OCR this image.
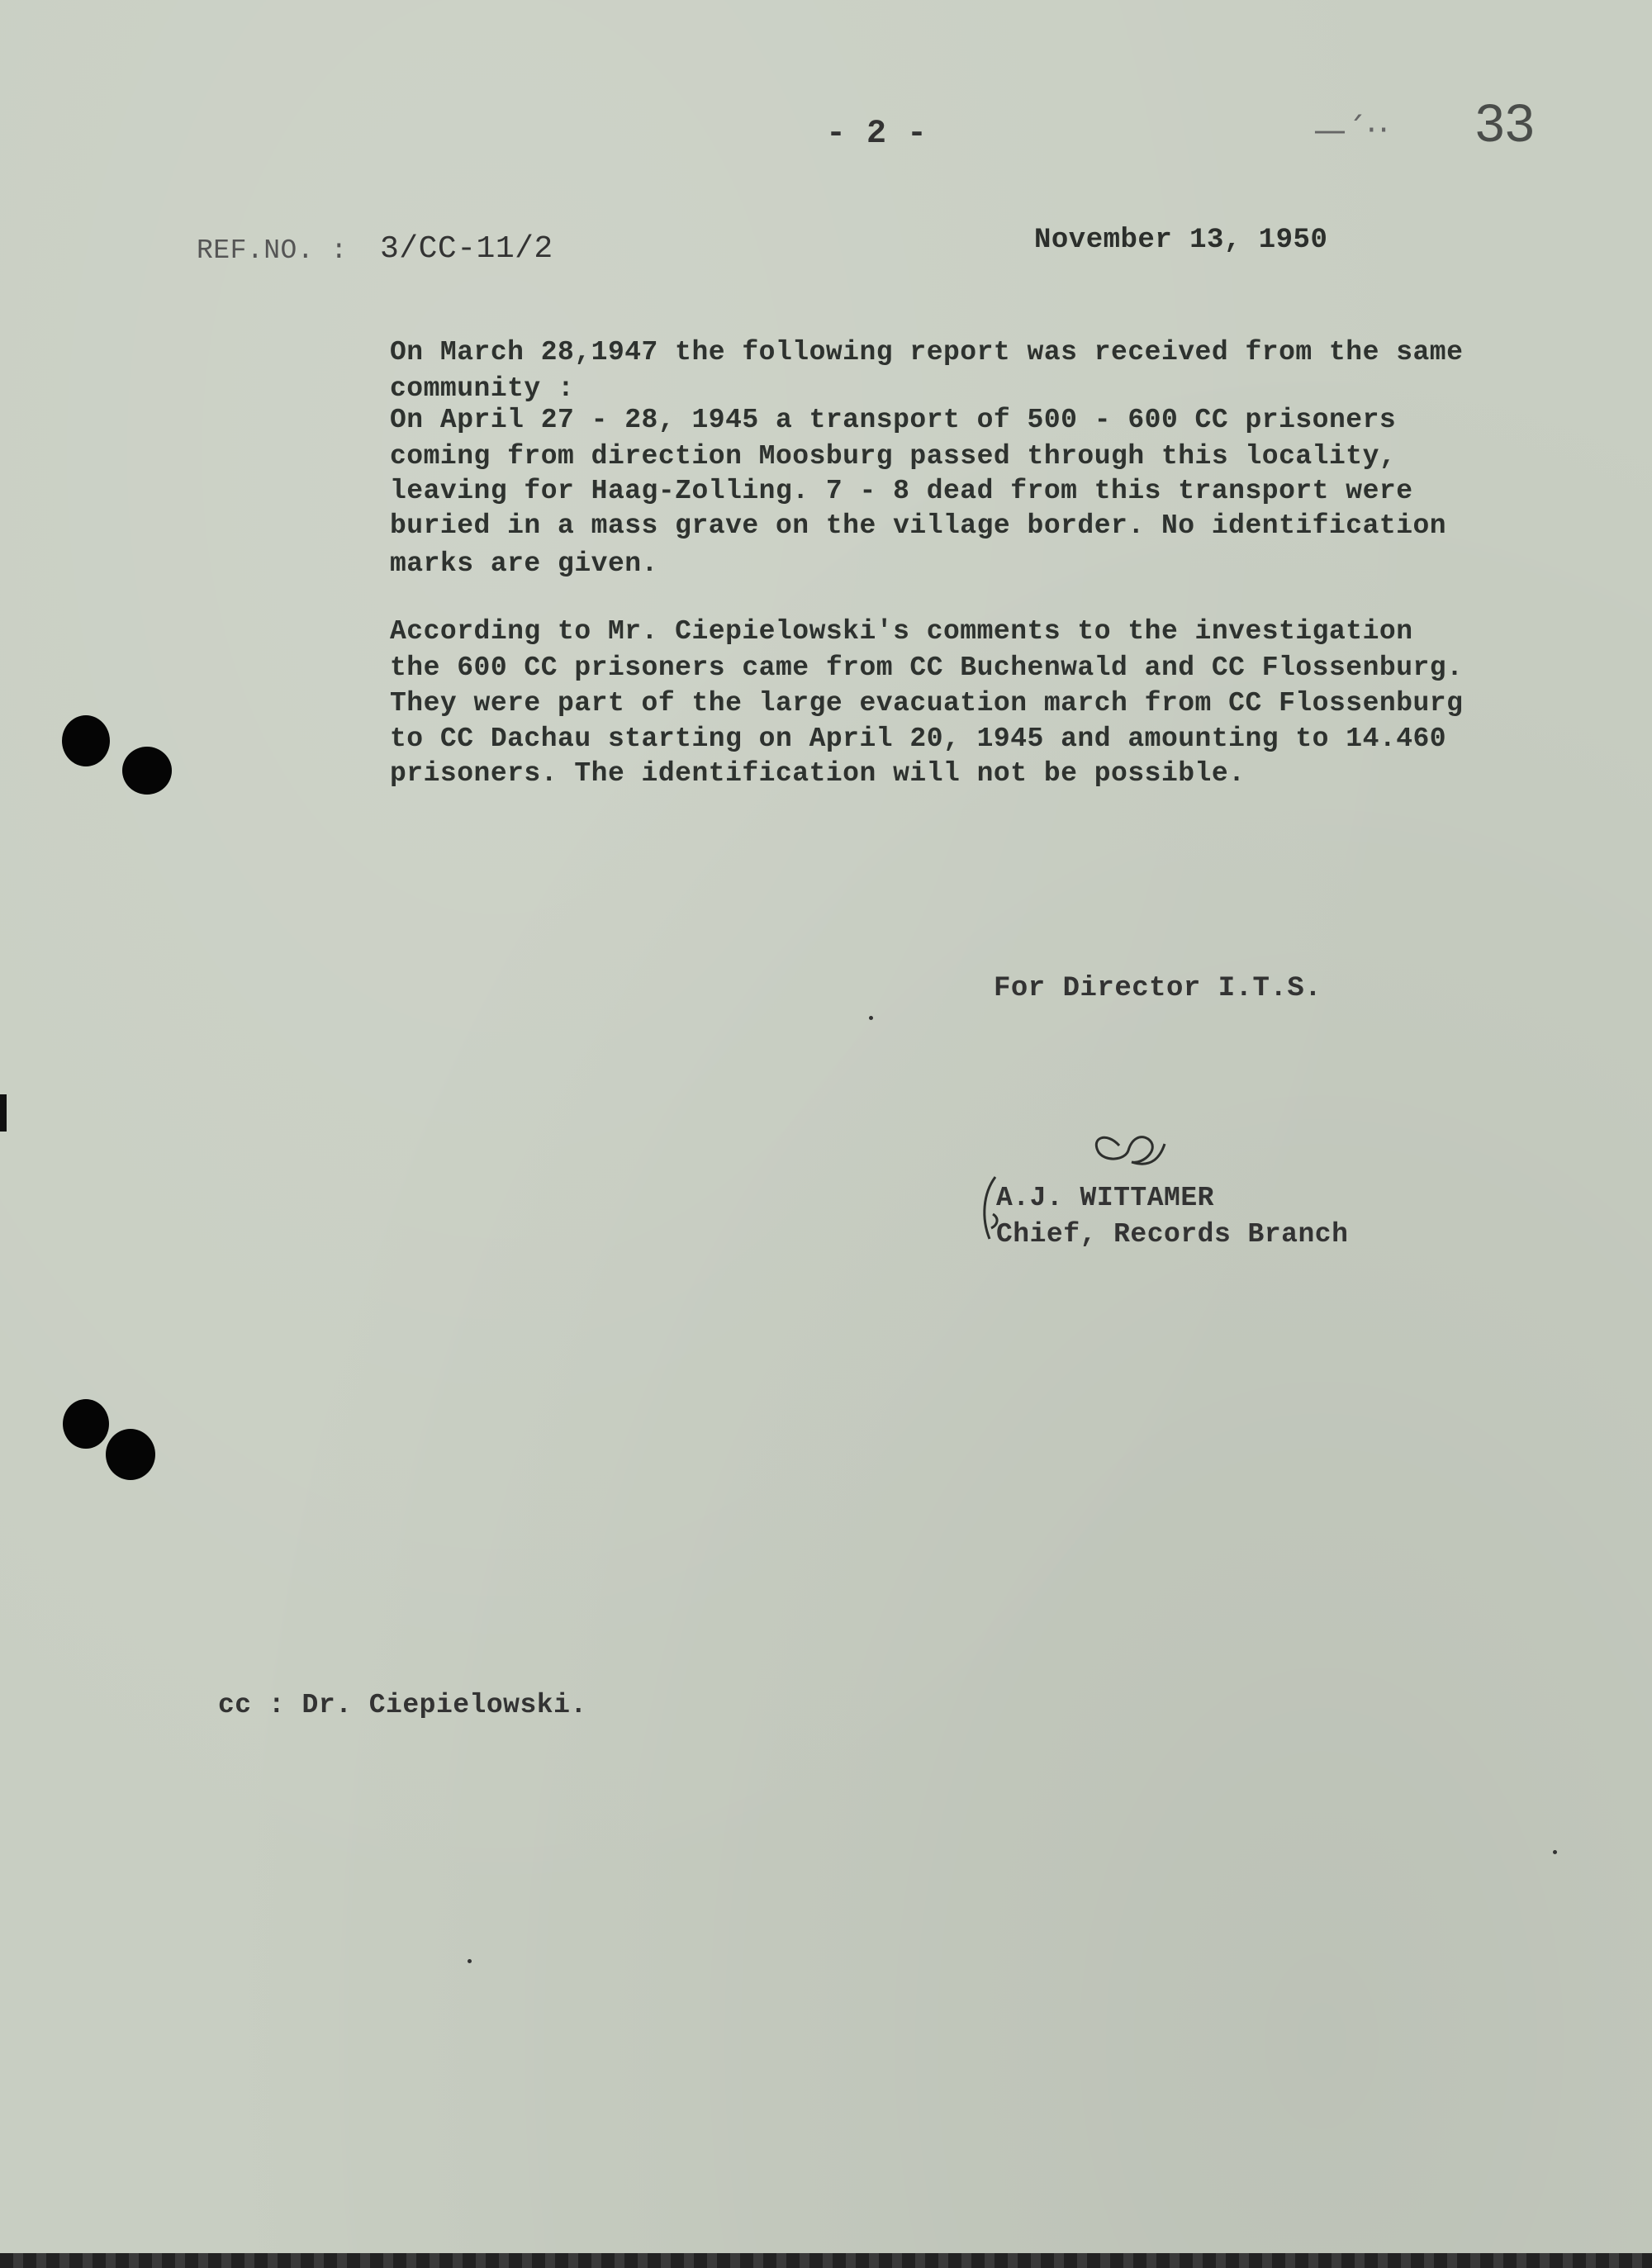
- 2 -	—´·· 33
REF.NO. : 3/CC-11/2	November 13, 1950
On March 28,1947 the following report was received from the same
community :
On April 27 - 28, 1945 a transport of 500 - 600 CC prisoners
coming from direction Moosburg passed through this locality,
leaving for Haag-Zolling. 7 - 8 dead from this transport were
buried in a mass grave on the village border. No identification
marks are given.
According to Mr. Ciepielowski's comments to the investigation
the 600 CC prisoners came from CC Buchenwald and CC Flossenburg.
They were part of the large evacuation march from CC Flossenburg
to CC Dachau starting on April 20, 1945 and amounting to 14.460
prisoners. The identification will not be possible.
For Director I.T.S.
A.J. WITTAMER
Chief, Records Branch
cc : Dr. Ciepielowski.
